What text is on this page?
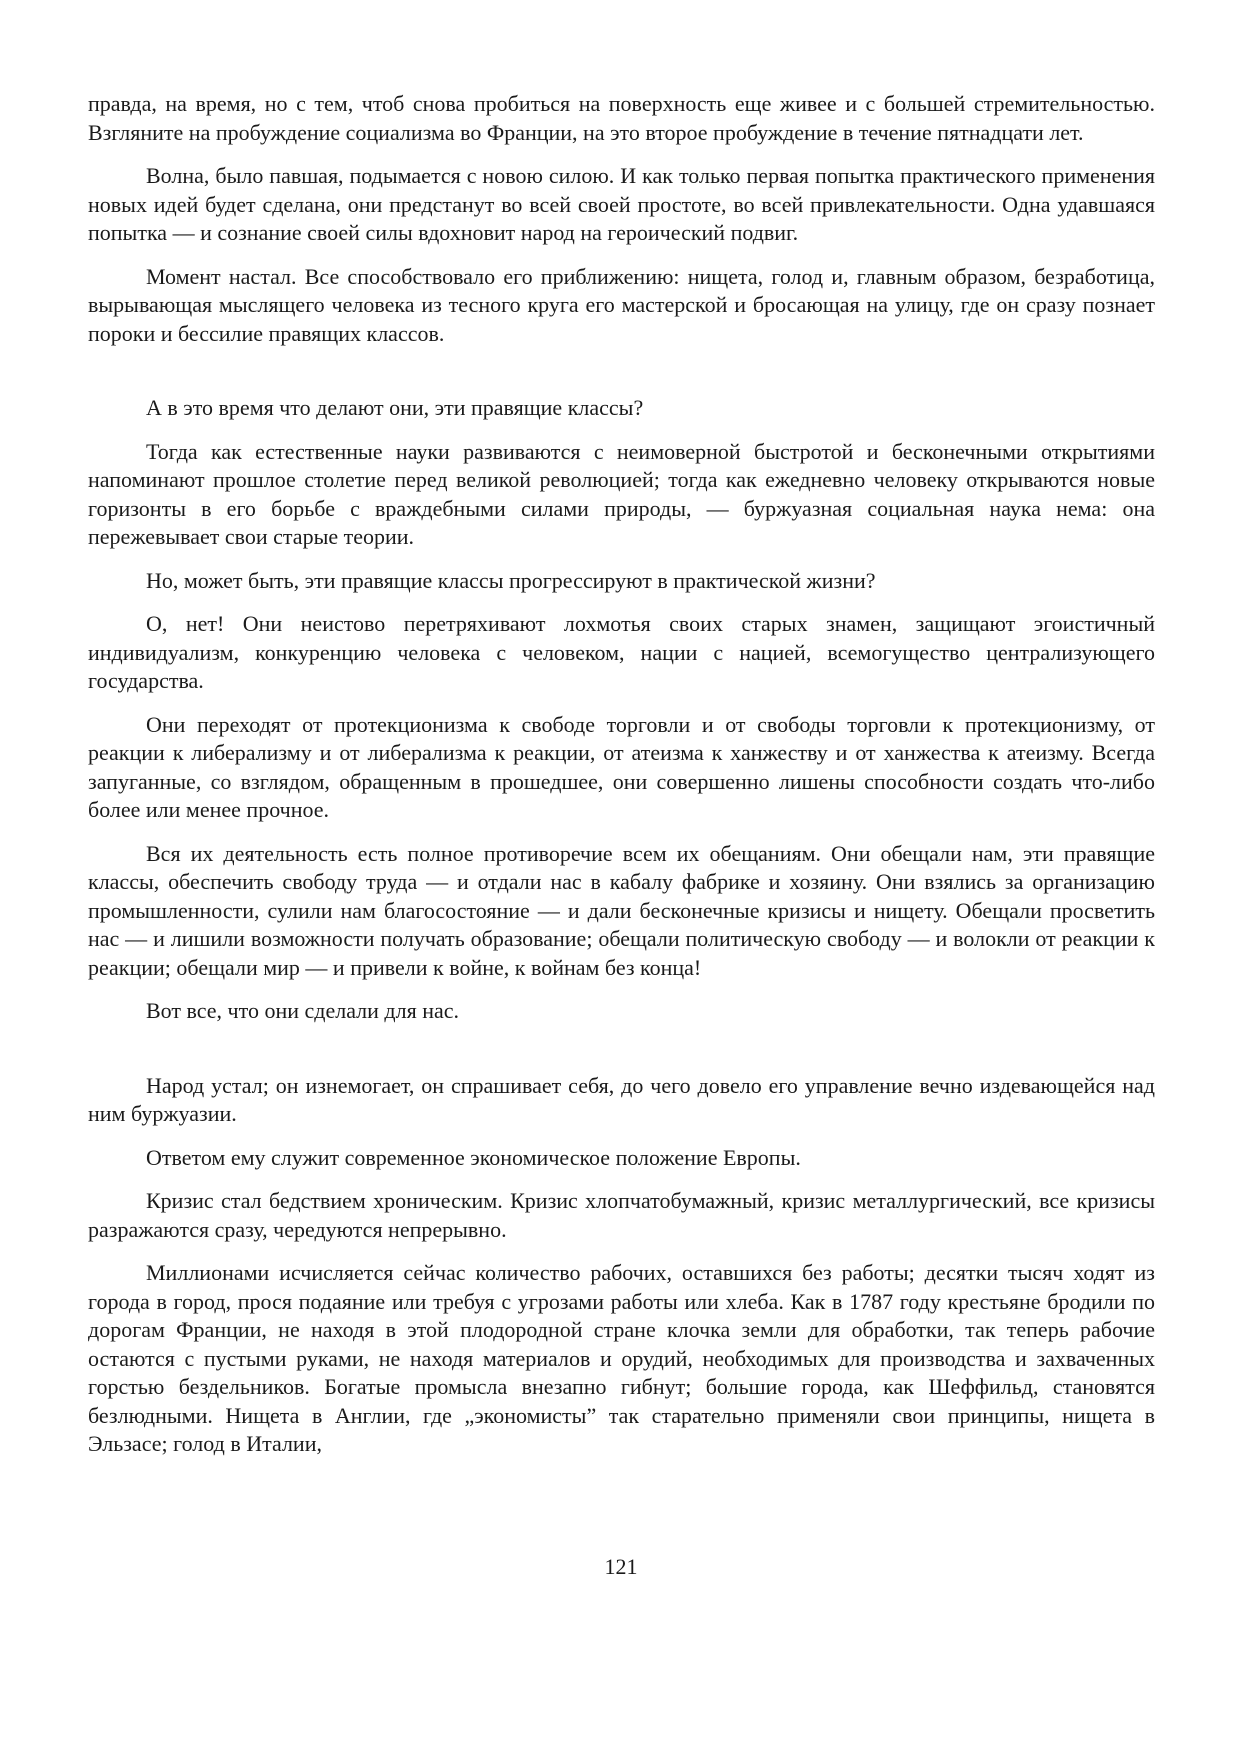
правда, на время, но с тем, чтоб снова пробиться на поверхность еще живее и с большей стремительностью. Взгляните на пробуждение социализма во Франции, на это второе пробуждение в течение пятнадцати лет.

Волна, было павшая, подымается с новою силою. И как только первая попытка практического применения новых идей будет сделана, они предстанут во всей своей простоте, во всей привлекательности. Одна удавшаяся попытка — и сознание своей силы вдохновит народ на героический подвиг.

Момент настал. Все способствовало его приближению: нищета, голод и, главным образом, безработица, вырывающая мыслящего человека из тесного круга его мастерской и бросающая на улицу, где он сразу познает пороки и бессилие правящих классов.

А в это время что делают они, эти правящие классы?

Тогда как естественные науки развиваются с неимоверной быстротой и бесконечными открытиями напоминают прошлое столетие перед великой революцией; тогда как ежедневно человеку открываются новые горизонты в его борьбе с враждебными силами природы, — буржуазная социальная наука нема: она пережевывает свои старые теории.

Но, может быть, эти правящие классы прогрессируют в практической жизни?

О, нет! Они неистово перетряхивают лохмотья своих старых знамен, защищают эгоистичный индивидуализм, конкуренцию человека с человеком, нации с нацией, всемогущество централизующего государства.

Они переходят от протекционизма к свободе торговли и от свободы торговли к протекционизму, от реакции к либерализму и от либерализма к реакции, от атеизма к ханжеству и от ханжества к атеизму. Всегда запуганные, со взглядом, обращенным в прошедшее, они совершенно лишены способности создать что-либо более или менее прочное.

Вся их деятельность есть полное противоречие всем их обещаниям. Они обещали нам, эти правящие классы, обеспечить свободу труда — и отдали нас в кабалу фабрике и хозяину. Они взялись за организацию промышленности, сулили нам благосостояние — и дали бесконечные кризисы и нищету. Обещали просветить нас — и лишили возможности получать образование; обещали политическую свободу — и волокли от реакции к реакции; обещали мир — и привели к войне, к войнам без конца!

Вот все, что они сделали для нас.

Народ устал; он изнемогает, он спрашивает себя, до чего довело его управление вечно издевающейся над ним буржуазии.

Ответом ему служит современное экономическое положение Европы.

Кризис стал бедствием хроническим. Кризис хлопчатобумажный, кризис металлургический, все кризисы разражаются сразу, чередуются непрерывно.

Миллионами исчисляется сейчас количество рабочих, оставшихся без работы; десятки тысяч ходят из города в город, прося подаяние или требуя с угрозами работы или хлеба. Как в 1787 году крестьяне бродили по дорогам Франции, не находя в этой плодородной стране клочка земли для обработки, так теперь рабочие остаются с пустыми руками, не находя материалов и орудий, необходимых для производства и захваченных горстью бездельников. Богатые промысла внезапно гибнут; большие города, как Шеффильд, становятся безлюдными. Нищета в Англии, где „экономисты” так старательно применяли свои принципы, нищета в Эльзасе; голод в Италии,

121
